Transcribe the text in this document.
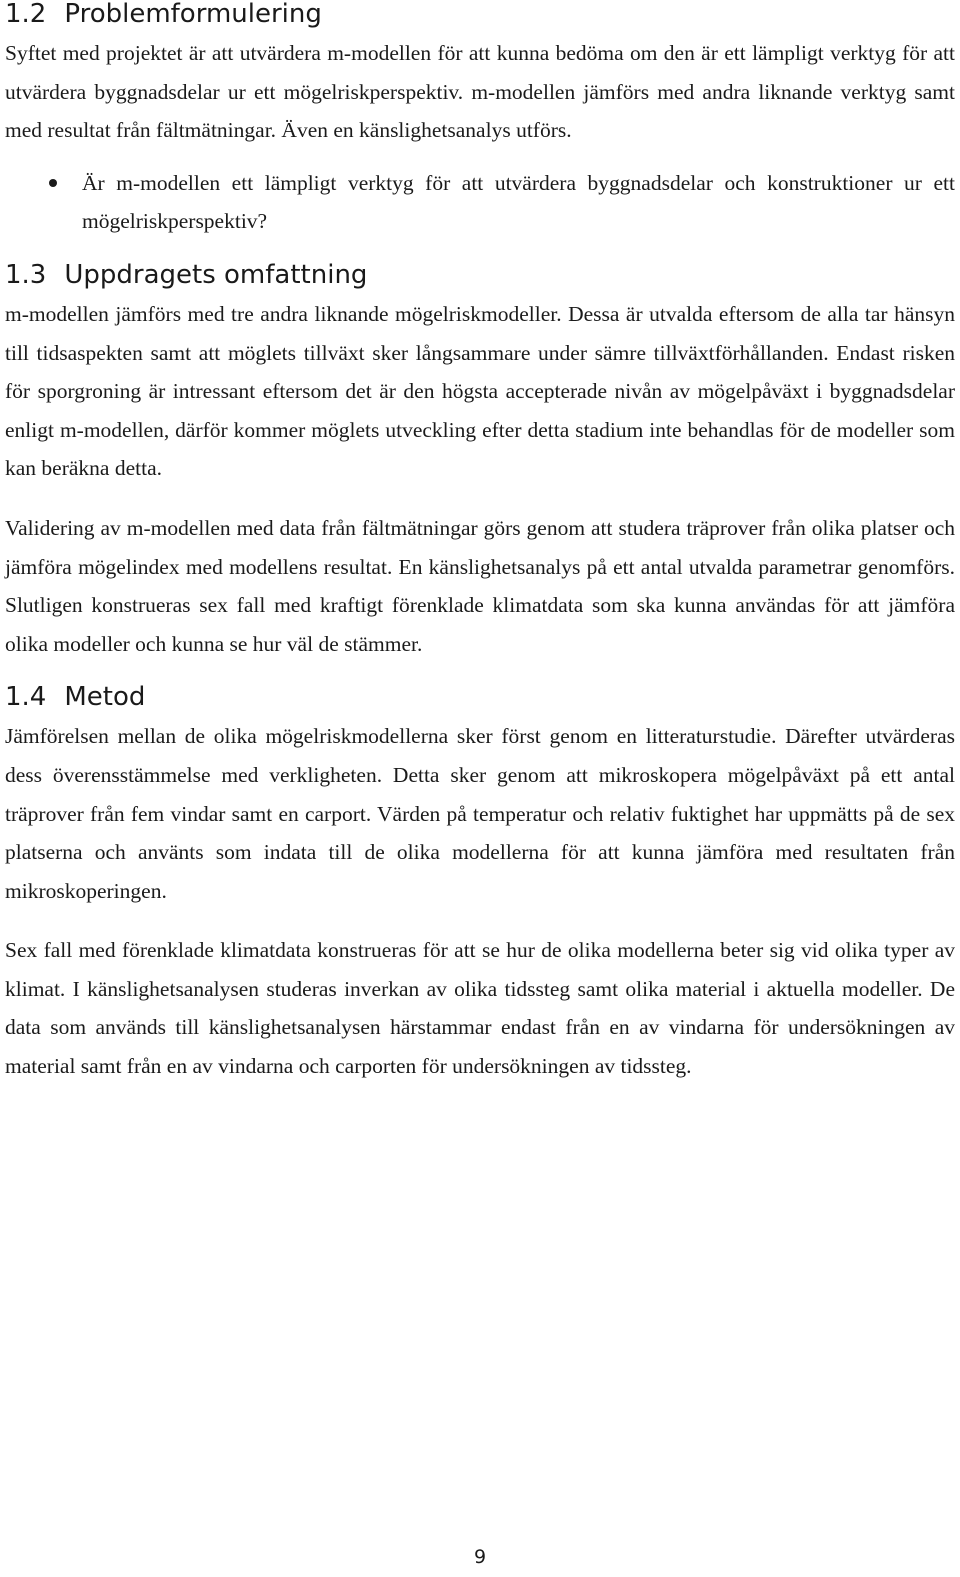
1.2 Problemformulering

Syftet med projektet är att utvärdera m-modellen för att kunna bedöma om den är ett lämpligt verktyg för att utvärdera byggnadsdelar ur ett mögelriskperspektiv. m-modellen jämförs med andra liknande verktyg samt med resultat från fältmätningar. Även en känslighetsanalys utförs.

Är m-modellen ett lämpligt verktyg för att utvärdera byggnadsdelar och konstruktioner ur ett mögelriskperspektiv?
1.3 Uppdragets omfattning

m-modellen jämförs med tre andra liknande mögelriskmodeller. Dessa är utvalda eftersom de alla tar hänsyn till tidsaspekten samt att möglets tillväxt sker långsammare under sämre tillväxtförhållanden. Endast risken för sporgroning är intressant eftersom det är den högsta accepterade nivån av mögelpåväxt i byggnadsdelar enligt m-modellen, därför kommer möglets utveckling efter detta stadium inte behandlas för de modeller som kan beräkna detta.

Validering av m-modellen med data från fältmätningar görs genom att studera träprover från olika platser och jämföra mögelindex med modellens resultat. En känslighetsanalys på ett antal utvalda parametrar genomförs. Slutligen konstrueras sex fall med kraftigt förenklade klimatdata som ska kunna användas för att jämföra olika modeller och kunna se hur väl de stämmer.

1.4 Metod

Jämförelsen mellan de olika mögelriskmodellerna sker först genom en litteraturstudie. Därefter utvärderas dess överensstämmelse med verkligheten. Detta sker genom att mikroskopera mögelpåväxt på ett antal träprover från fem vindar samt en carport. Värden på temperatur och relativ fuktighet har uppmätts på de sex platserna och använts som indata till de olika modellerna för att kunna jämföra med resultaten från mikroskoperingen.

Sex fall med förenklade klimatdata konstrueras för att se hur de olika modellerna beter sig vid olika typer av klimat. I känslighetsanalysen studeras inverkan av olika tidssteg samt olika material i aktuella modeller. De data som används till känslighetsanalysen härstammar endast från en av vindarna för undersökningen av material samt från en av vindarna och carporten för undersökningen av tidssteg.

9
